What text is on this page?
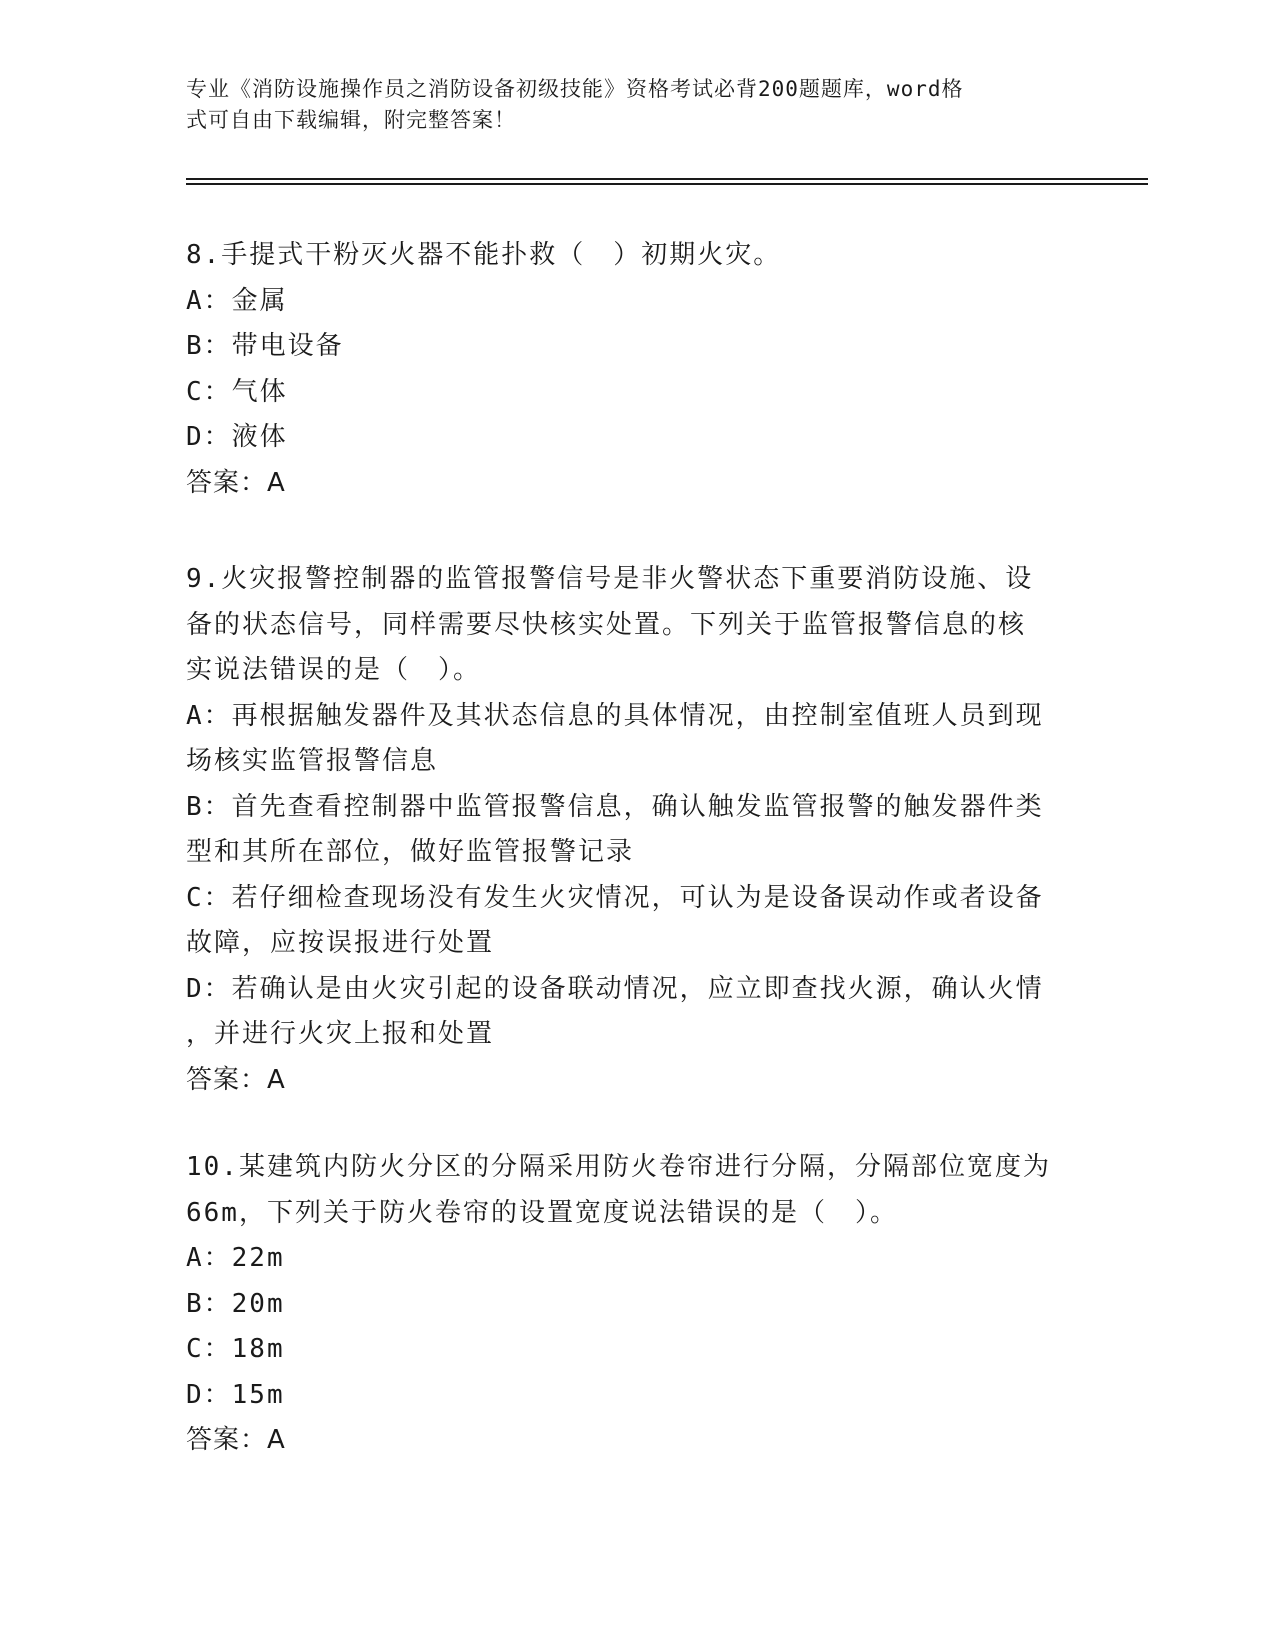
专业《消防设施操作员之消防设备初级技能》资格考试必背200题题库，word格
式可自由下载编辑，附完整答案！
8.手提式干粉灭火器不能扑救（　）初期火灾。
A：金属
B：带电设备
C：气体
D：液体
答案：A
9.火灾报警控制器的监管报警信号是非火警状态下重要消防设施、设
备的状态信号，同样需要尽快核实处置。下列关于监管报警信息的核
实说法错误的是（　）。
A：再根据触发器件及其状态信息的具体情况，由控制室值班人员到现
场核实监管报警信息
B：首先查看控制器中监管报警信息，确认触发监管报警的触发器件类
型和其所在部位，做好监管报警记录
C：若仔细检查现场没有发生火灾情况，可认为是设备误动作或者设备
故障，应按误报进行处置
D：若确认是由火灾引起的设备联动情况，应立即查找火源，确认火情
，并进行火灾上报和处置
答案：A
10.某建筑内防火分区的分隔采用防火卷帘进行分隔，分隔部位宽度为
66m，下列关于防火卷帘的设置宽度说法错误的是（　）。
A：22m
B：20m
C：18m
D：15m
答案：A
